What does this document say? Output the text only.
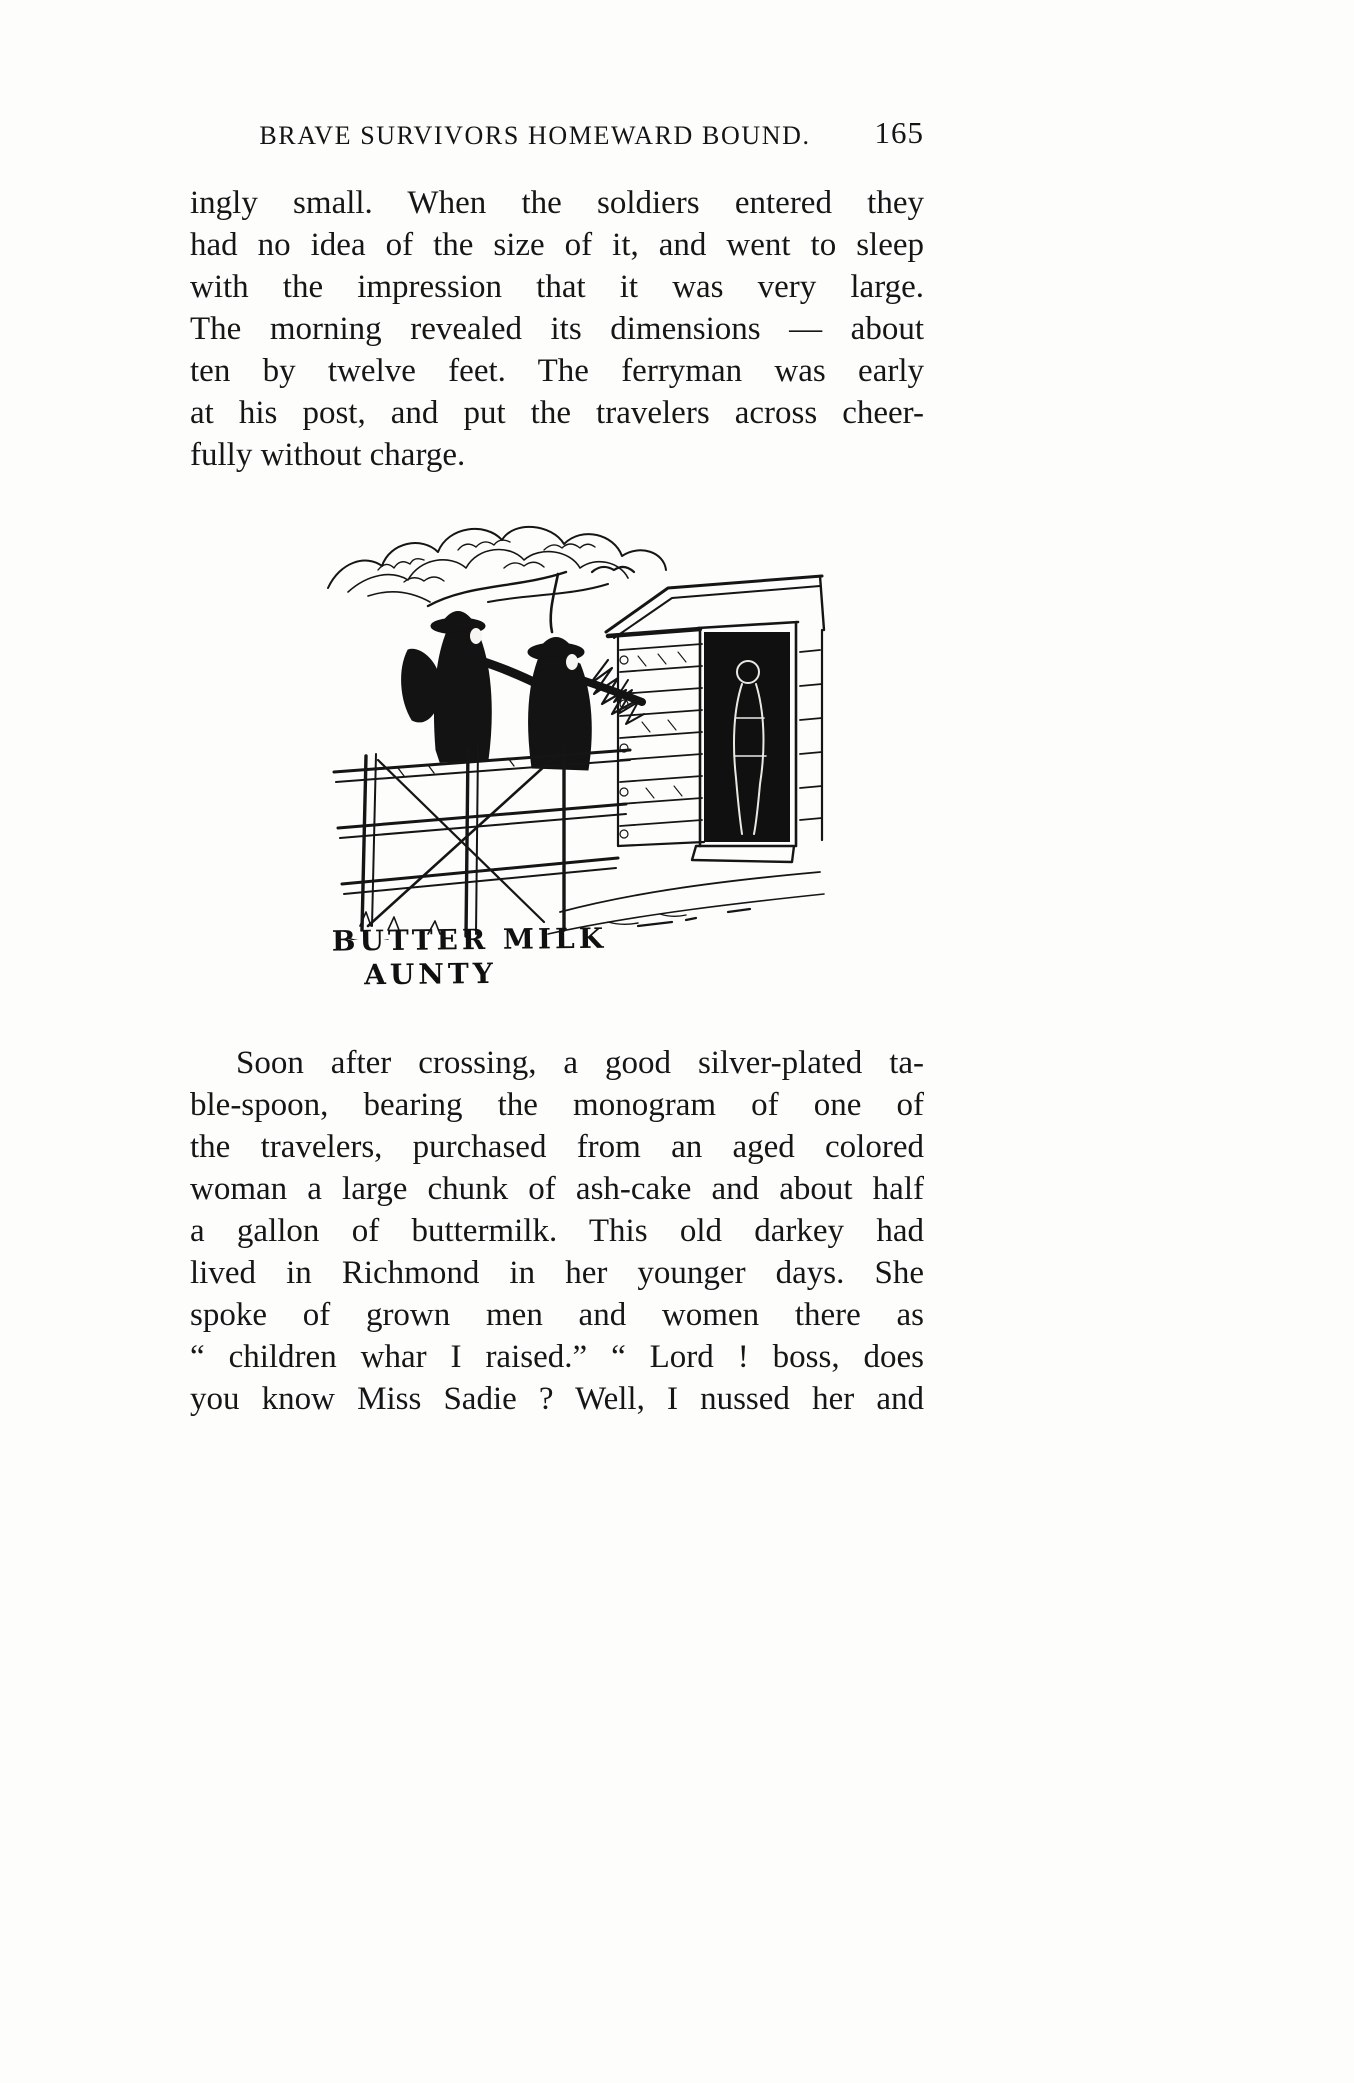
BRAVE SURVIVORS HOMEWARD BOUND. 165
ingly small. When the soldiers entered they
had no idea of the size of it, and went to sleep
with the impression that it was very large.
The morning revealed its dimensions — about
ten by twelve feet. The ferryman was early
at his post, and put the travelers across cheer-
fully without charge.
BUTTER MILK
AUNTY
Soon after crossing, a good silver-plated ta-
ble-spoon, bearing the monogram of one of
the travelers, purchased from an aged colored
woman a large chunk of ash-cake and about half
a gallon of buttermilk. This old darkey had
lived in Richmond in her younger days. She
spoke of grown men and women there as
“ children whar I raised.” “ Lord ! boss, does
you know Miss Sadie ? Well, I nussed her and
